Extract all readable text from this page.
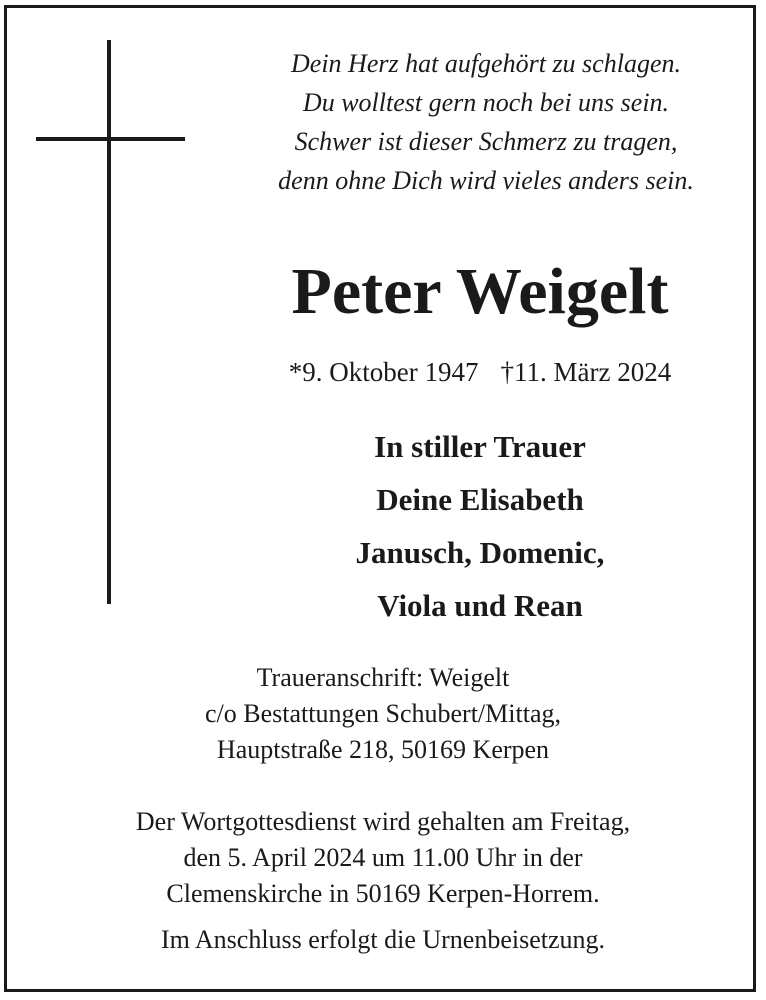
Dein Herz hat aufgehört zu schlagen.
Du wolltest gern noch bei uns sein.
Schwer ist dieser Schmerz zu tragen,
denn ohne Dich wird vieles anders sein.
Peter Weigelt
*9. Oktober 1947 †11. März 2024
In stiller Trauer
Deine Elisabeth
Janusch, Domenic,
Viola und Rean
Traueranschrift: Weigelt
c/o Bestattungen Schubert/Mittag,
Hauptstraße 218, 50169 Kerpen
Der Wortgottesdienst wird gehalten am Freitag,
den 5. April 2024 um 11.00 Uhr in der
Clemenskirche in 50169 Kerpen-Horrem.
Im Anschluss erfolgt die Urnenbeisetzung.
